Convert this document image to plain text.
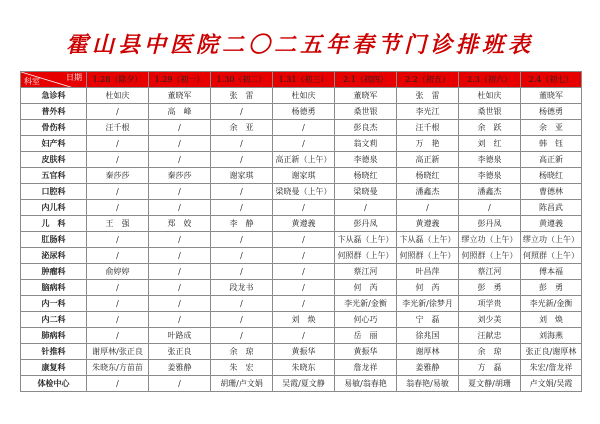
霍山县中医院二〇二五年春节门诊排班表
日期
科室	1.28（除夕）	1.29（初一）	1.30（初二）	1.31（初三）	2.1（初四）	2.2（初五）	2.3（初六）	2.4（初七）
急诊科	杜如庆	董晓军	张　雷	杜如庆	董晓军	张　雷	杜如庆	董晓军
普外科	/	高　峰	/	杨德勇	桑世银	李光江	桑世银	杨德勇
骨伤科	汪千根	/	余　亚	/	彭良杰	汪千根	余　跃	余　亚
妇产科	/	/	/	/	翁文莉	万　艳	刘　红	韩　钰
皮肤科	/	/	/	高正新（上午）	李德泉	高正新	李德泉	高正新
五官科	秦莎莎	秦莎莎	谢家琪	谢家琪	杨晓红	杨晓红	李德泉	杨晓红
口腔科	/	/	/	梁晓曼（上午）	梁晓曼	潘鑫杰	潘鑫杰	曹德林
内儿科	/	/	/	/	/	/	/	陈昌武
儿　科	王　强	郑　姣	李　静	黄遵義	彭丹凤	黄遵義	彭丹凤	黄遵義
肛肠科	/	/	/	/	卞从磊（上午）	卞从磊（上午）	缪立功（上午）	缪立功（上午）
泌尿科	/	/	/	/	何照群（上午）	何照群（上午）	何照群（上午）	何照群（上午）
肿瘤科	俞婷婷	/	/	/	蔡江河	叶昌萍	蔡江河	傅本福
脑病科	/	/	段龙书	/	何　芮	何　芮	彭　勇	彭　勇
内一科	/	/	/	/	李光新/金衡	李光新/徐梦月	项学贵	李光新/金衡
内二科	/	/	/	刘　焕	何心巧	宁　磊	刘少美	刘　焕
肺病科	/	叶路成	/	/	岳　丽	徐兆国	汪献忠	刘海燕
针推科	谢厚林/张正良	张正良	余　琼	黄振华	黄振华	谢厚林	余　琼	张正良/谢厚林
康复科	朱晓东/方苗苗	姜雅静	朱　宏	朱晓东	詹龙祥	姜雅静	方　磊	朱宏/詹龙祥
体检中心	/	/	胡珊/卢文娟	吴霞/夏文静	易敏/翁春艳	翁春艳/易敏	夏文静/胡珊	卢文娟/吴霞
